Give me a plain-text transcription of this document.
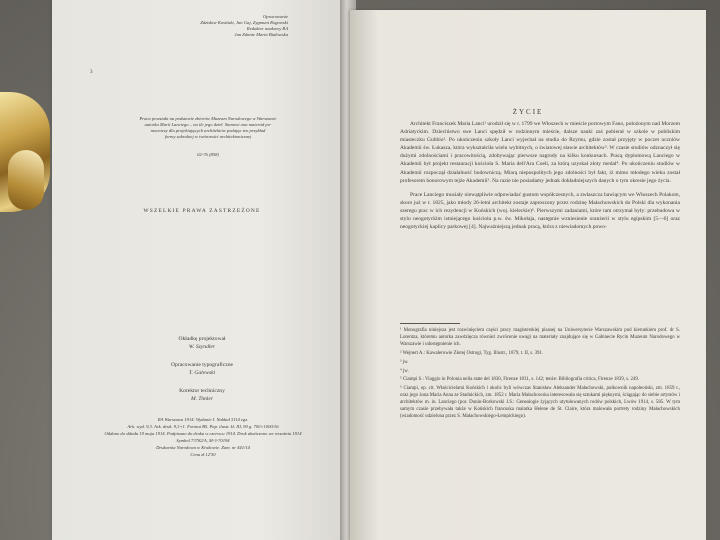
Opracowanie
Zdzisław Kosiński, Jan Gaj, Zygmunt Rogowski
Redaktor naukowy RA
Jan Zdanie Maria Białowska
3
Praca powstała na podstawie zbiorów Muzeum Narodowego w Warszawie
autorka Marii Lanciego – na tle jego dzieł. Stanowi ona materiał po-
mocniczy dla projektujących architektów podając ten przykład
formy sakralnej w twórczości architektonicznej
02-76 (858)
WSZELKIE PRAWA ZASTRZEŻONE
Okładkę projektował
W. Szyndler
Opracowanie typograficzne
T. Galewski
Korektor techniczny
M. Timler
RA Warszawa 1914. Wydanie I. Nakład 3114 egz.
Ark. wyd. 9,3. Ark. druk. 9,3+1. Format B5. Pap. ilustr. kl. III, 90 g. 700×1000/16
Oddano do składu 19 maja 1914. Podpisano do druku w czerwcu 1914. Druk ukończono we wrześniu 1914
Symbol 73782/A, M-3-70194
Drukarnia Narodowa w Krakowie. Zam. nr 441/14
Cena zł 12'50
ŻYCIE

Architekt Franciszek Maria Lanci¹ urodził się w r. 1799 we Włoszech w mieście portowym Fano, położonym nad Morzem Adriatyckim. Dzieciństwo swe Lanci spędził w rodzinnym mieście, dalsze nauki zaś pobierał w szkole w pobliskim miasteczku Gubbio². Po ukończeniu szkoły Lanci wyjechał na studia do Rzymu, gdzie został przyjęty w poczet uczniów Akademii św. Łukasza, która wykształciła wielu wybitnych, o światowej sławie architektów³. W czasie studiów odznaczył się dużymi zdolnościami i pracowitością, zdobywając pierwsze nagrody na kilku konkursach. Pracą dyplomową Lanciego w Akademii był projekt restauracji kościoła S. Maria dell'Ara Coeli, za którą uzyskał złoty medal⁴. Po ukończeniu studiów w Akademii rozpoczął działalność budowniczą. Miarą niepospolitych jego zdolności był fakt, iż mimo młodego wieku został profesorem honorowym tejże Akademii⁵. Na razie nie posiadamy jednak dokładniejszych danych o tym okresie jego życia.

Prace Lanciego musiały niewątpliwie odpowiadać gustom współczesnych, a zwłaszcza bawiącym we Włoszech Polakom, skoro już w r. 1825, jako młody 26-letni architekt zostaje zaproszony przez rodzinę Małachowskich do Polski dla wykonania szeregu prac w ich rezydencji w Końskich (woj. kieleckie)⁶. Pierwszymi zadaniami, które tam otrzymał były: przebudowa w stylu neogotyckim istniejącego kościoła p.w. św. Mikołaja, następnie wzniesienie oranżerii w stylu egipskim [5—6] oraz neogotyckiej kaplicy parkowej [4]. Najważniejszą jednak pracą, która z niewiadomych powo-

¹ Monografia niniejsza jest rozwinięciem części pracy magisterskiej pisanej na Uniwersytecie Warszawskim pod kierunkiem prof. dr S. Lorentza, któremu autorka zawdzięcza również zwrócenie uwagi na materiały znajdujące się w Gabinecie Rycin Muzeum Narodowego w Warszawie i udostępnienie ich.

² Wejnert A.: Kawalerowie Złotej Ostrogi, Tyg. Illustr., 1879, t. II, s. 391.

³ jw.

⁴ jw.

⁵ Ciampi S.: Viaggio in Polonia nella state del 1830, Firenze 1831, s. 142; tenże: Bibliografia critica, Firenze 1839, s. 249.

⁶ Ciampi, op. cit. Właścicielami Końskich i okolic byli wówczas Stanisław Aleksander Małachowski, pułkownik napoleoński, zm. 1859 r., oraz jego żona Maria Anna ze Stadnickich, zm. 1852 r. Maria Małachowska interesowała się sztukami pięknymi, ściągając do siebie artystów i architektów m. in. Lanciego (por. Dunin-Borkowski J.S.: Genealogie żyjących utytułowanych rodów polskich, Lwów 1914, s. 585. W tym samym czasie przebywała także w Końskich francuska malarka Helene de St. Claire, która malowała portrety rodziny Małachowskich (wiadomość udzielona przez S. Małachowskiego-Łempickiego).
